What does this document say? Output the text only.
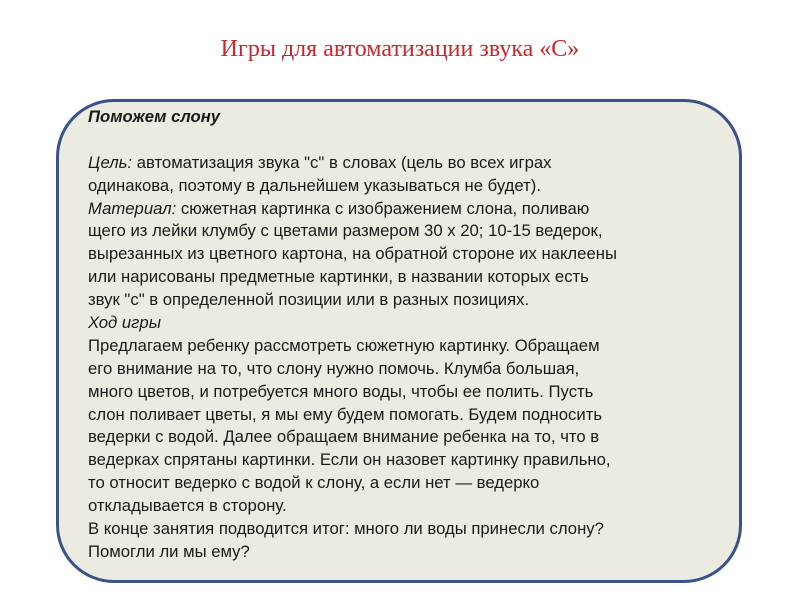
Игры для автоматизации звука «С»
Поможем слону
Цель: автоматизация звука "с" в словах (цель во всех играх
одинакова, поэтому в дальнейшем указываться не будет).
Материал: сюжетная картинка с изображением слона, поливаю
щего из лейки клумбу с цветами размером 30 х 20; 10-15 ведерок,
вырезанных из цветного картона, на обратной стороне их наклеены
или нарисованы предметные картинки, в названии которых есть
звук "с" в определенной позиции или в разных позициях.
Ход игры
Предлагаем ребенку рассмотреть сюжетную картинку. Обращаем
его внимание на то, что слону нужно помочь. Клумба большая,
много цветов, и потребуется много воды, чтобы ее полить. Пусть
слон поливает цветы, я мы ему будем помогать. Будем подносить
ведерки с водой. Далее обращаем внимание ребенка на то, что в
ведерках спрятаны картинки. Если он назовет картинку правильно,
то относит ведерко с водой к слону, а если нет — ведерко
откладывается в сторону.
В конце занятия подводится итог: много ли воды принесли слону?
Помогли ли мы ему?
